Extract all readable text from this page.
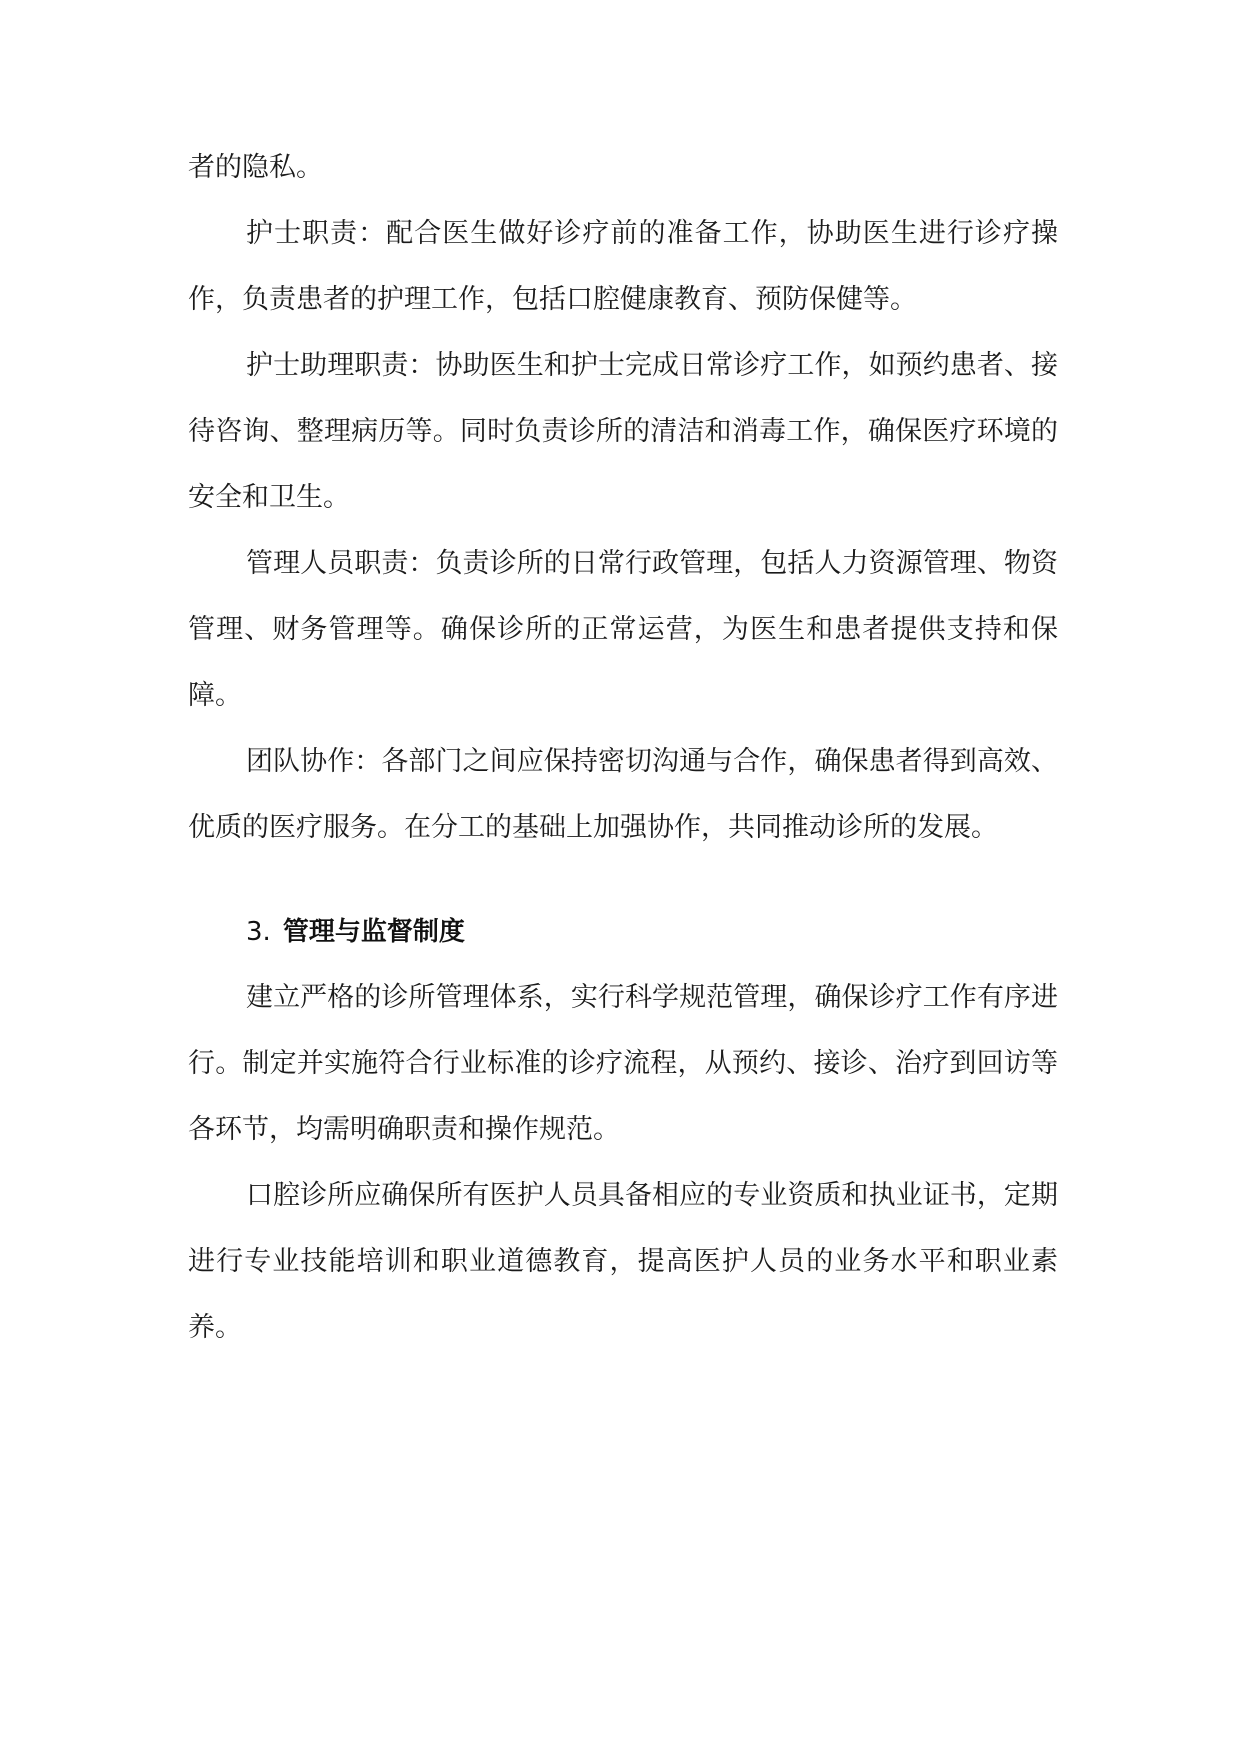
者的隐私。

护士职责：配合医生做好诊疗前的准备工作，协助医生进行诊疗操作，负责患者的护理工作，包括口腔健康教育、预防保健等。

护士助理职责：协助医生和护士完成日常诊疗工作，如预约患者、接待咨询、整理病历等。同时负责诊所的清洁和消毒工作，确保医疗环境的安全和卫生。

管理人员职责：负责诊所的日常行政管理，包括人力资源管理、物资管理、财务管理等。确保诊所的正常运营，为医生和患者提供支持和保障。

团队协作：各部门之间应保持密切沟通与合作，确保患者得到高效、优质的医疗服务。在分工的基础上加强协作，共同推动诊所的发展。

3. 管理与监督制度

建立严格的诊所管理体系，实行科学规范管理，确保诊疗工作有序进行。制定并实施符合行业标准的诊疗流程，从预约、接诊、治疗到回访等各环节，均需明确职责和操作规范。

口腔诊所应确保所有医护人员具备相应的专业资质和执业证书，定期进行专业技能培训和职业道德教育，提高医护人员的业务水平和职业素养。
